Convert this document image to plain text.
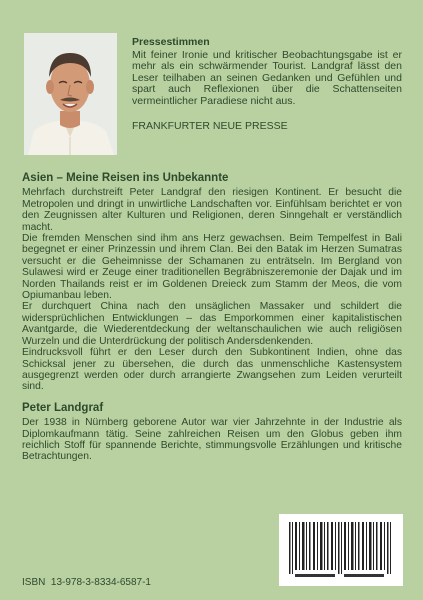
Pressestimmen

Mit feiner Ironie und kritischer Beobachtungsgabe ist er mehr als ein schwärmender Tourist. Landgraf lässt den Leser teilhaben an seinen Gedanken und Gefühlen und spart auch Reflexionen über die Schattenseiten vermeintlicher Paradiese nicht aus.

FRANKFURTER NEUE PRESSE
Asien – Meine Reisen ins Unbekannte

Mehrfach durchstreift Peter Landgraf den riesigen Kontinent. Er besucht die Metropolen und dringt in unwirtliche Landschaften vor. Einfühlsam berichtet er von den Zeugnissen alter Kulturen und Religionen, deren Sinngehalt er verständlich macht.

Die fremden Menschen sind ihm ans Herz gewachsen. Beim Tempelfest in Bali begegnet er einer Prinzessin und ihrem Clan. Bei den Batak im Herzen Sumatras versucht er die Geheimnisse der Schamanen zu enträtseln. Im Bergland von Sulawesi wird er Zeuge einer traditionellen Begräbniszeremonie der Dajak und im Norden Thailands reist er im Goldenen Dreieck zum Stamm der Meos, die vom Opiumanbau leben.

Er durchquert China nach den unsäglichen Massaker und schildert die widersprüchlichen Entwicklungen – das Emporkommen einer kapitalistischen Avantgarde, die Wiederentdeckung der weltanschaulichen wie auch religiösen Wurzeln und die Unterdrückung der politisch Andersdenkenden.

Eindrucksvoll führt er den Leser durch den Subkontinent Indien, ohne das Schicksal jener zu übersehen, die durch das unmenschliche Kastensystem ausgegrenzt werden oder durch arrangierte Zwangsehen zum Leiden verurteilt sind.

Peter Landgraf

Der 1938 in Nürnberg geborene Autor war vier Jahrzehnte in der Industrie als Diplomkaufmann tätig. Seine zahlreichen Reisen um den Globus geben ihm reichlich Stoff für spannende Berichte, stimmungsvolle Erzählungen und kritische Betrachtungen.

ISBN  13-978-3-8334-6587-1
